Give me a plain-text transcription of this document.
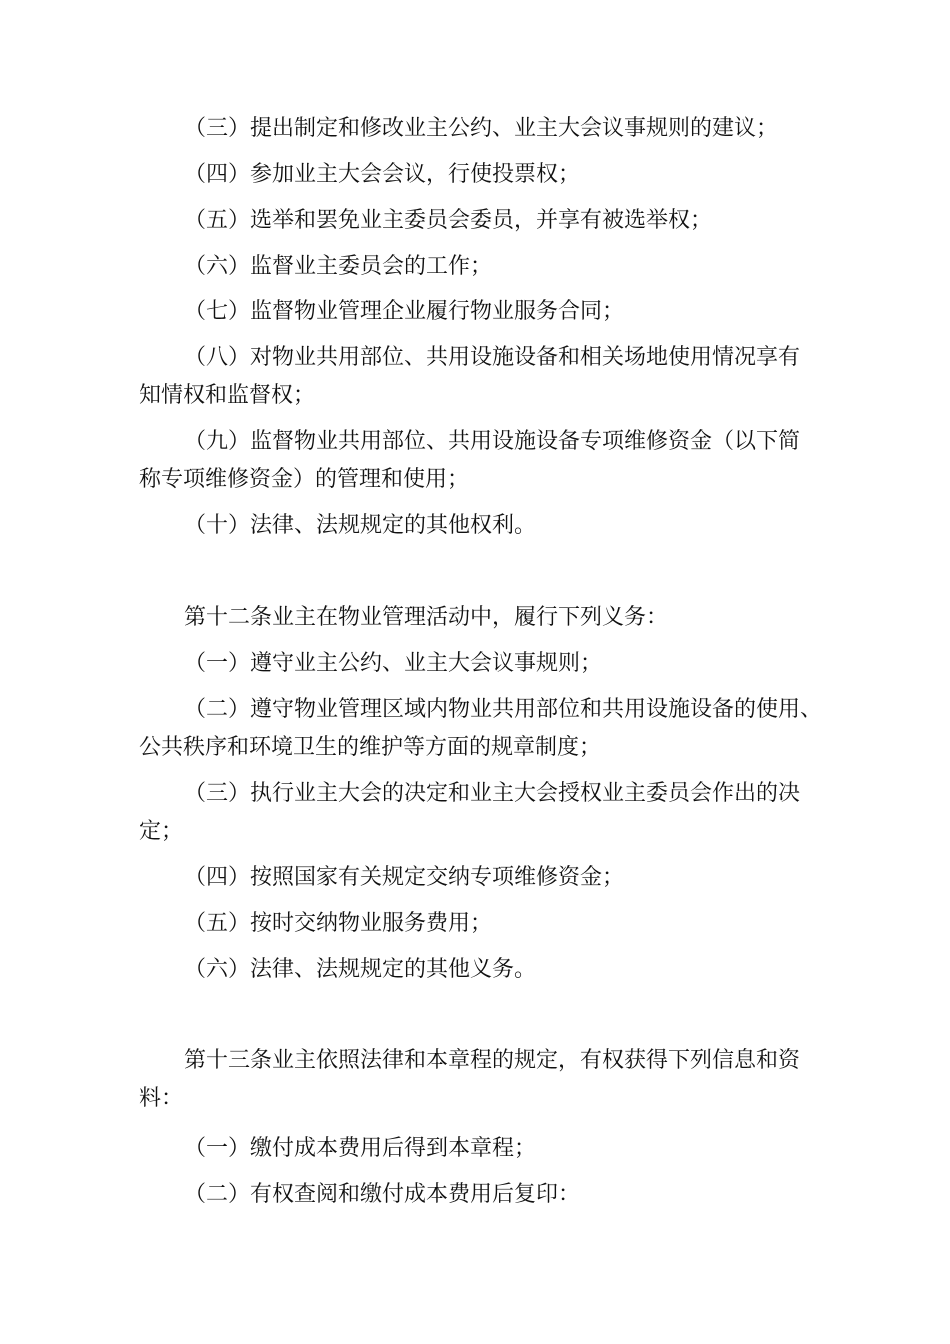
（三）提出制定和修改业主公约、业主大会议事规则的建议；
（四）参加业主大会会议，行使投票权；
（五）选举和罢免业主委员会委员，并享有被选举权；
（六）监督业主委员会的工作；
（七）监督物业管理企业履行物业服务合同；
（八）对物业共用部位、共用设施设备和相关场地使用情况享有
知情权和监督权；
（九）监督物业共用部位、共用设施设备专项维修资金（以下简
称专项维修资金）的管理和使用；
（十）法律、法规规定的其他权利。
第十二条业主在物业管理活动中，履行下列义务：
（一）遵守业主公约、业主大会议事规则；
（二）遵守物业管理区域内物业共用部位和共用设施设备的使用、
公共秩序和环境卫生的维护等方面的规章制度；
（三）执行业主大会的决定和业主大会授权业主委员会作出的决
定；
（四）按照国家有关规定交纳专项维修资金；
（五）按时交纳物业服务费用；
（六）法律、法规规定的其他义务。
第十三条业主依照法律和本章程的规定，有权获得下列信息和资
料：
（一）缴付成本费用后得到本章程；
（二）有权查阅和缴付成本费用后复印：
